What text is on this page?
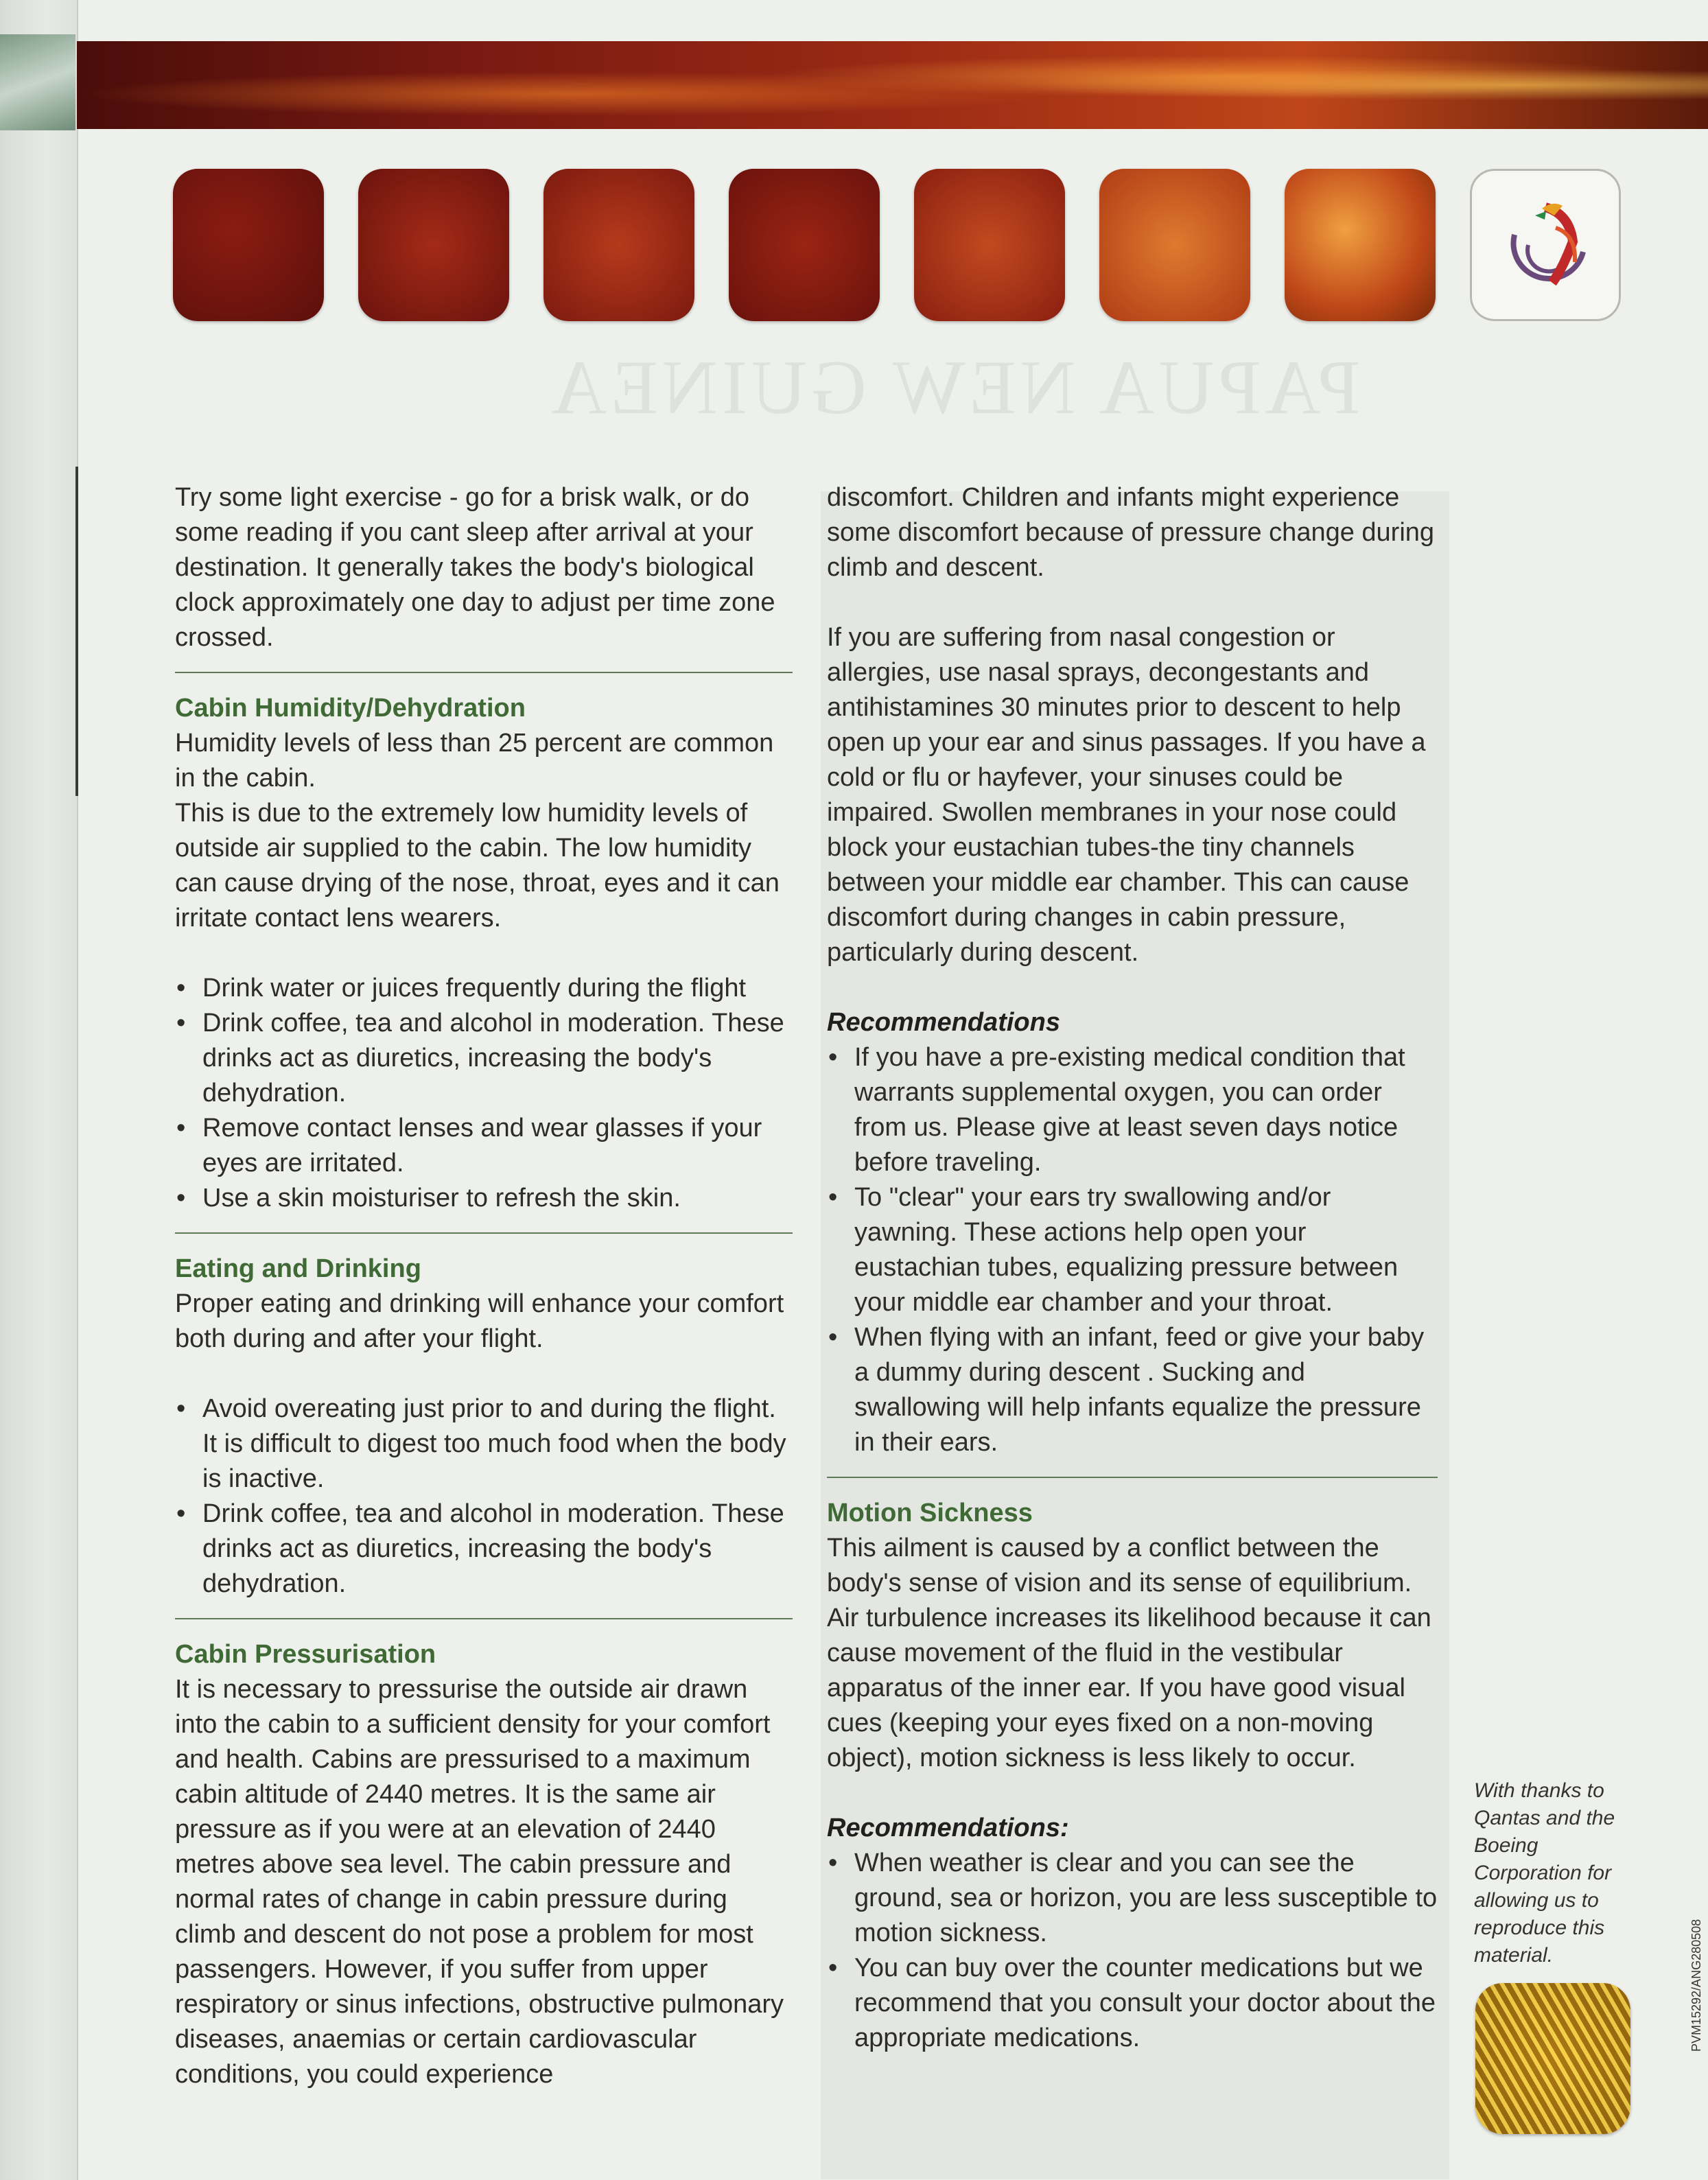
PAPUA NEW GUINEA

Try some light exercise - go for a brisk walk, or do some reading if you cant sleep after arrival at your destination. It generally takes the body's biological clock approximately one day to adjust per time zone crossed.

Cabin Humidity/Dehydration

Humidity levels of less than 25 percent are common in the cabin.

This is due to the extremely low humidity levels of outside air supplied to the cabin. The low humidity can cause drying of the nose, throat, eyes and it can irritate contact lens wearers.

• Drink water or juices frequently during the flight
• Drink coffee, tea and alcohol in moderation. These drinks act as diuretics, increasing the body's dehydration.
• Remove contact lenses and wear glasses if your eyes are irritated.
• Use a skin moisturiser to refresh the skin.

Eating and Drinking

Proper eating and drinking will enhance your comfort both during and after your flight.

• Avoid overeating just prior to and during the flight. It is difficult to digest too much food when the body is inactive.
• Drink coffee, tea and alcohol in moderation. These drinks act as diuretics, increasing the body's dehydration.

Cabin Pressurisation

It is necessary to pressurise the outside air drawn into the cabin to a sufficient density for your comfort and health. Cabins are pressurised to a maximum cabin altitude of 2440 metres. It is the same air pressure as if you were at an elevation of 2440 metres above sea level. The cabin pressure and normal rates of change in cabin pressure during climb and descent do not pose a problem for most passengers. However, if you suffer from upper respiratory or sinus infections, obstructive pulmonary diseases, anaemias or certain cardiovascular conditions, you could experience

discomfort. Children and infants might experience some discomfort because of pressure change during climb and descent.

If you are suffering from nasal congestion or allergies, use nasal sprays, decongestants and antihistamines 30 minutes prior to descent to help open up your ear and sinus passages. If you have a cold or flu or hayfever, your sinuses could be impaired. Swollen membranes in your nose could block your eustachian tubes-the tiny channels between your middle ear chamber. This can cause discomfort during changes in cabin pressure, particularly during descent.

Recommendations

• If you have a pre-existing medical condition that warrants supplemental oxygen, you can order from us. Please give at least seven days notice before traveling.
• To "clear" your ears try swallowing and/or yawning. These actions help open your eustachian tubes, equalizing pressure between your middle ear chamber and your throat.
• When flying with an infant, feed or give your baby a dummy during descent . Sucking and swallowing will help infants equalize the pressure in their ears.

Motion Sickness

This ailment is caused by a conflict between the body's sense of vision and its sense of equilibrium. Air turbulence increases its likelihood because it can cause movement of the fluid in the vestibular apparatus of the inner ear. If you have good visual cues (keeping your eyes fixed on a non-moving object), motion sickness is less likely to occur.

Recommendations:

• When weather is clear and you can see the ground, sea or horizon, you are less susceptible to motion sickness.
• You can buy over the counter medications but we recommend that you consult your doctor about the appropriate medications.
With thanks to Qantas and the Boeing Corporation for allowing us to reproduce this material.	PVM15292/ANG280508
